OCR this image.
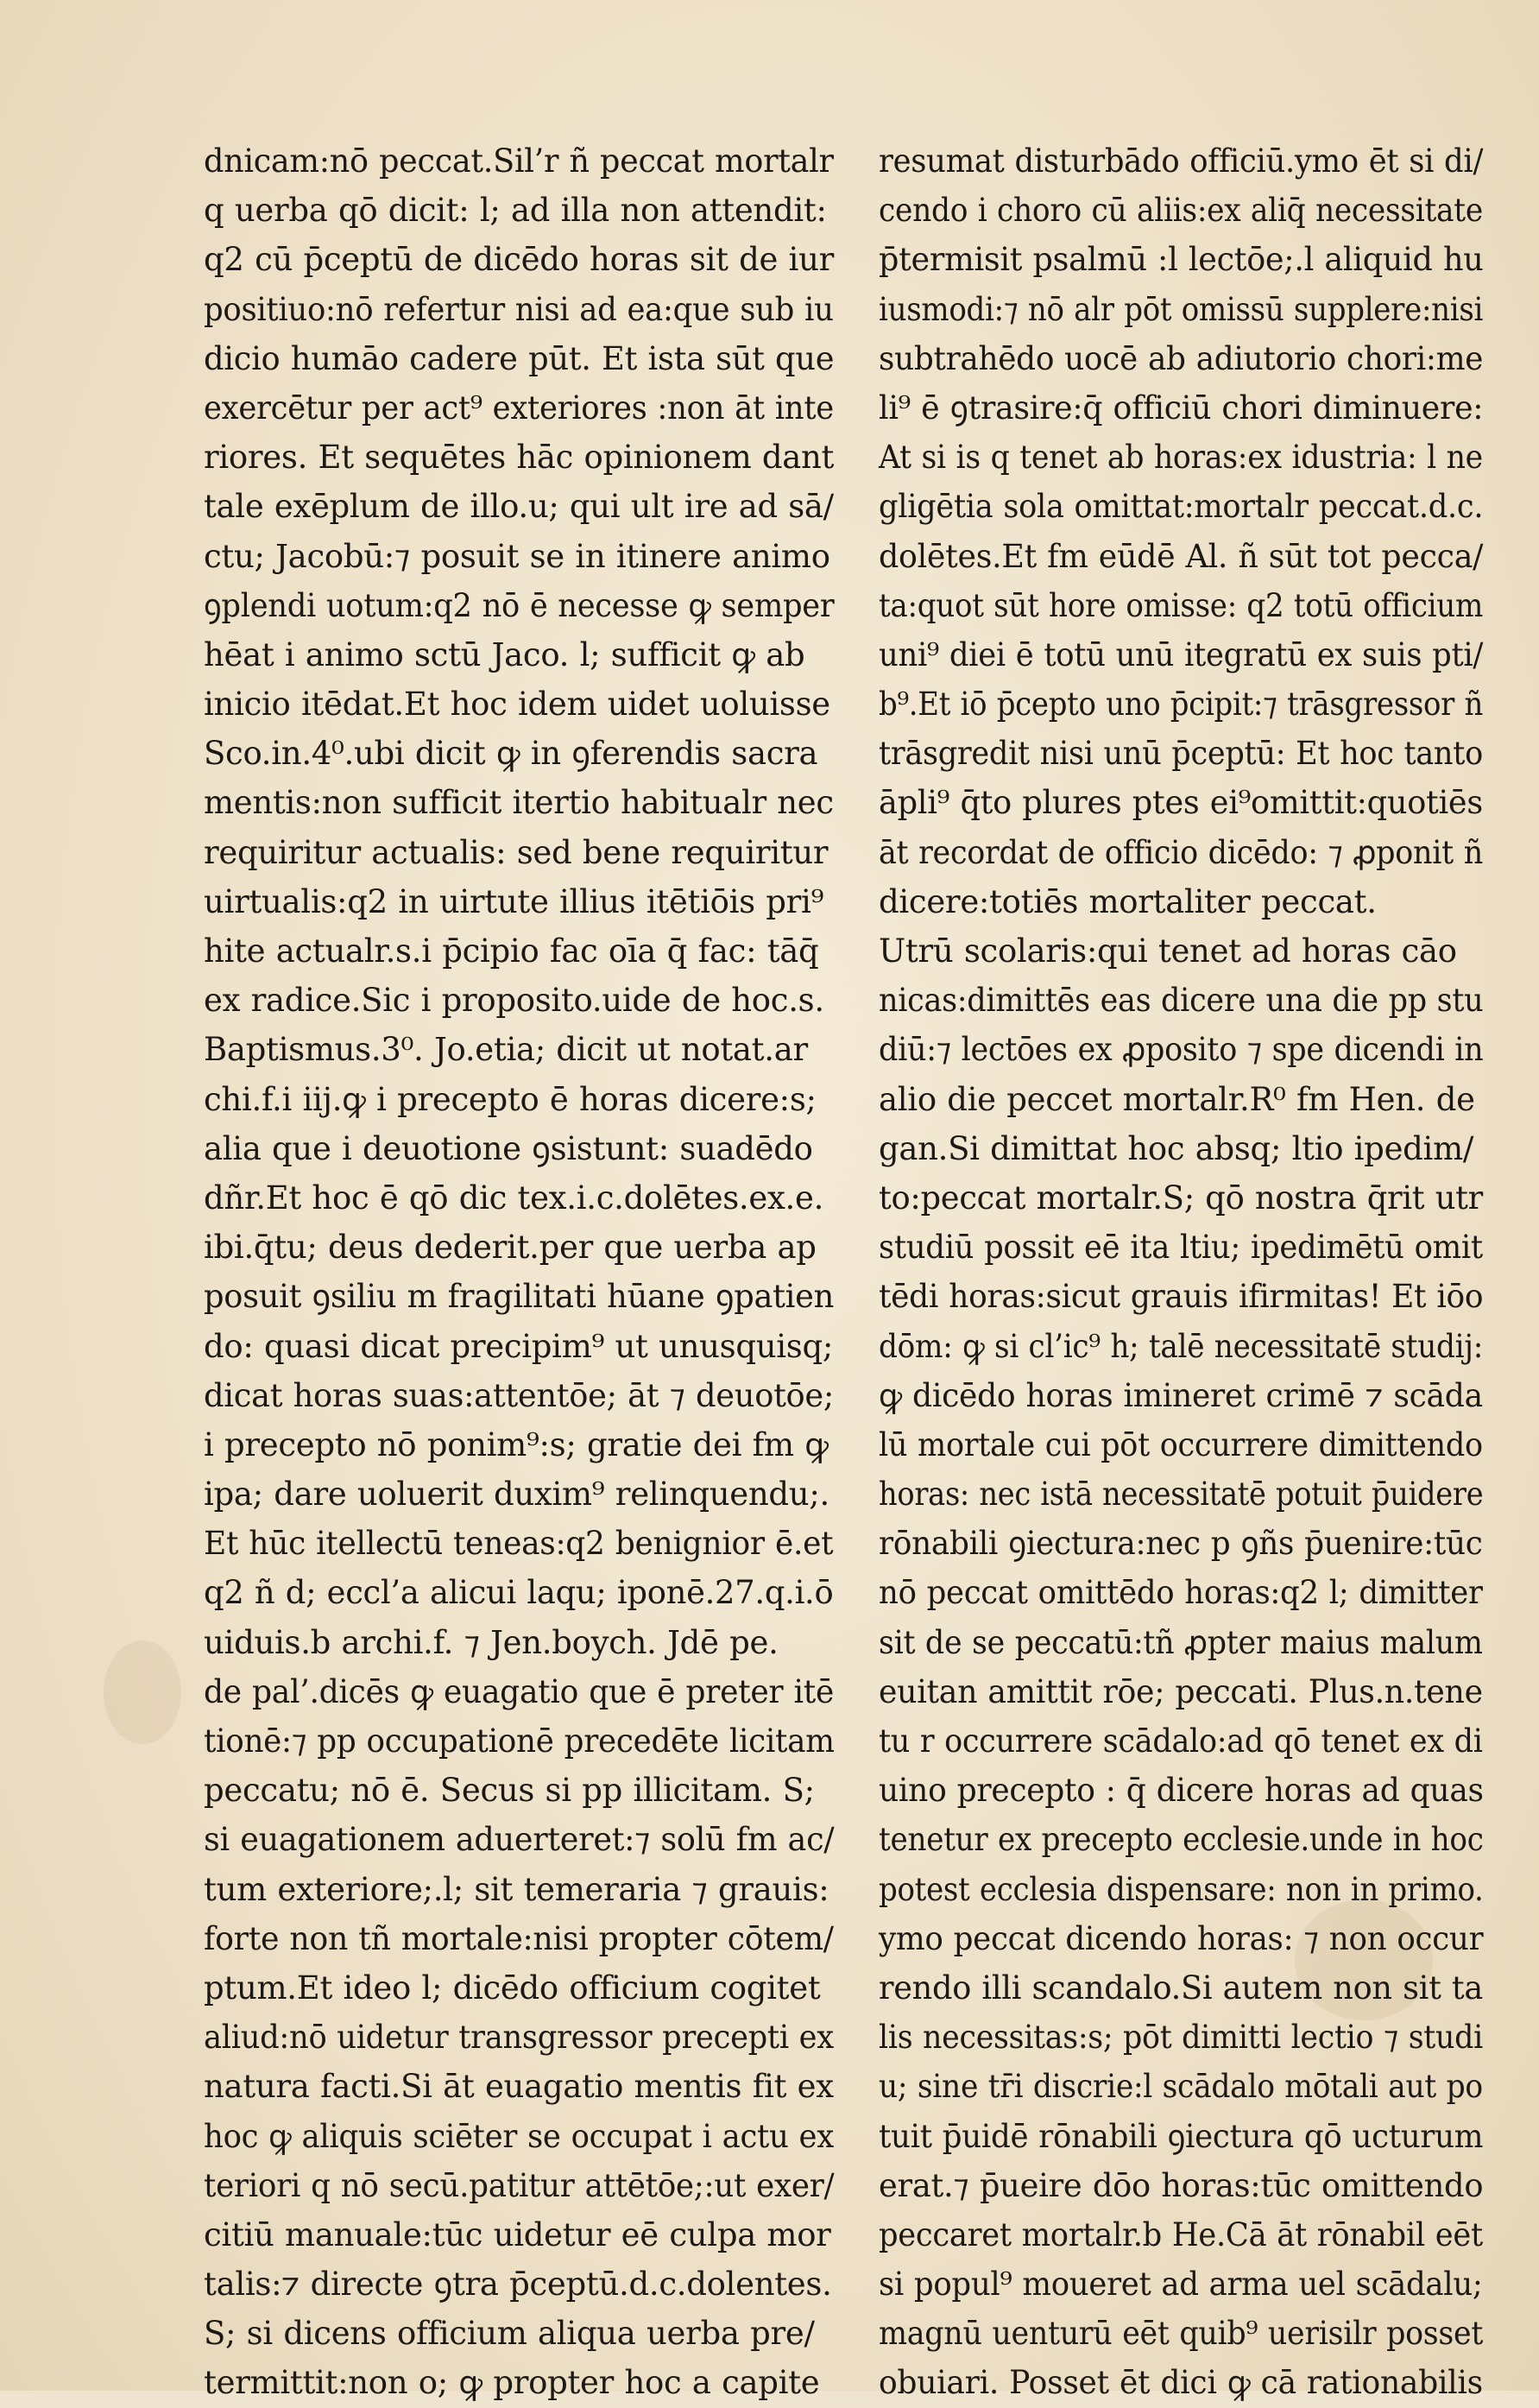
dnicam:nō peccat.Sil’r ñ peccat mortalr
q uerba qō dicit: l; ad illa non attendit:
q2 cū p̄ceptū de dicēdo horas sit de iur
positiuo:nō refertur nisi ad ea:que sub iu
dicio humāo cadere pūt. Et ista sūt que
exercētur per act⁹ exteriores :non āt inte
riores. Et sequētes hāc opinionem dant
tale exēplum de illo.u; qui ult ire ad sā/
ctu; Jacobū:⁊ posuit se in itinere animo
ꝯplendi uotum:q2 nō ē necesse ꝙ semper
hēat i animo sctū Jaco. l; sufficit ꝙ ab
inicio itēdat.Et hoc idem uidet uoluisse
Sco.in.4⁰.ubi dicit ꝙ in ꝯferendis sacra
mentis:non sufficit itertio habitualr nec
requiritur actualis: sed bene requiritur
uirtualis:q2 in uirtute illius itētiōis pri⁹
hite actualr.s.i p̄cipio fac oīa q̄ fac: tāq̄
ex radice.Sic i proposito.uide de hoc.s.
Baptismus.3⁰. Jo.etia; dicit ut notat.ar
chi.f.i iij.ꝙ i precepto ē horas dicere:s;
alia que i deuotione ꝯsistunt: suadēdo
dñr.Et hoc ē qō dic tex.i.c.dolētes.ex.e.
ibi.q̄tu; deus dederit.per que uerba ap
posuit ꝯsiliu m fragilitati hūane ꝯpatien
do: quasi dicat precipim⁹ ut unusquisq;
dicat horas suas:attentōe; āt ⁊ deuotōe;
i precepto nō ponim⁹:s; gratie dei fm ꝙ
ipa; dare uoluerit duxim⁹ relinquendu;.
Et hūc itellectū teneas:q2 benignior ē.et
q2 ñ d; eccl’a alicui laqu; iponē.27.q.i.ō
uiduis.b archi.f. ⁊ Jen.boych. Jdē pe.
de pal’.dicēs ꝙ euagatio que ē preter itē
tionē:⁊ pp occupationē precedēte licitam
peccatu; nō ē. Secus si pp illicitam. S;
si euagationem aduerteret:⁊ solū fm ac/
tum exteriore;.l; sit temeraria ⁊ grauis:
forte non tñ mortale:nisi propter cōtem/
ptum.Et ideo l; dicēdo officium cogitet
aliud:nō uidetur transgressor precepti ex
natura facti.Si āt euagatio mentis fit ex
hoc ꝙ aliquis sciēter se occupat i actu ex
teriori q nō secū.patitur attētōe;:ut exer/
citiū manuale:tūc uidetur eē culpa mor
talis:⁊ directe ꝯtra p̄ceptū.d.c.dolentes.
S; si dicens officium aliqua uerba pre/
termittit:non o; ꝙ propter hoc a capite
resumat disturbādo officiū.ymo ēt si di/
cendo i choro cū aliis:ex aliq̄ necessitate
p̄termisit psalmū :l lectōe;.l aliquid hu
iusmodi:⁊ nō alr pōt omissū supplere:nisi
subtrahēdo uocē ab adiutorio chori:me
li⁹ ē ꝯtrasire:q̄ officiū chori diminuere:
At si is q tenet ab horas:ex idustria: l ne
gligētia sola omittat:mortalr peccat.d.c.
dolētes.Et fm eūdē Al. ñ sūt tot pecca/
ta:quot sūt hore omisse: q2 totū officium
uni⁹ diei ē totū unū itegratū ex suis pti/
b⁹.Et iō p̄cepto uno p̄cipit:⁊ trāsgressor ñ
trāsgredit nisi unū p̄ceptū: Et hoc tanto
āpli⁹ q̄to plures ptes ei⁹omittit:quotiēs
āt recordat de officio dicēdo: ⁊ ꝓponit ñ
dicere:totiēs mortaliter peccat.
Utrū scolaris:qui tenet ad horas cāo
nicas:dimittēs eas dicere una die pp stu
diū:⁊ lectōes ex ꝓposito ⁊ spe dicendi in
alio die peccet mortalr.R⁰ fm Hen. de
gan.Si dimittat hoc absq; ltio ipedim/
to:peccat mortalr.S; qō nostra q̄rit utr
studiū possit eē ita ltiu; ipedimētū omit
tēdi horas:sicut grauis ifirmitas! Et iōo
dōm: ꝙ si cl’ic⁹ h; talē necessitatē studij:
ꝙ dicēdo horas imineret crimē ⁊ scāda
lū mortale cui pōt occurrere dimittendo
horas: nec istā necessitatē potuit p̄uidere
rōnabili ꝯiectura:nec p ꝯñs p̄uenire:tūc
nō peccat omittēdo horas:q2 l; dimitter
sit de se peccatū:tñ ꝓpter maius malum
euitan amittit rōe; peccati. Plus.n.tene
tu r occurrere scādalo:ad qō tenet ex di
uino precepto : q̄ dicere horas ad quas
tenetur ex precepto ecclesie.unde in hoc
potest ecclesia dispensare: non in primo.
ymo peccat dicendo horas: ⁊ non occur
rendo illi scandalo.Si autem non sit ta
lis necessitas:s; pōt dimitti lectio ⁊ studi
u; sine tr̄i discrie:l scādalo mōtali aut po
tuit p̄uidē rōnabili ꝯiectura qō ucturum
erat.⁊ p̄ueire dōo horas:tūc omittendo
peccaret mortalr.b He.Cā āt rōnabil eēt
si popul⁹ moueret ad arma uel scādalu;
magnū uenturū eēt quib⁹ uerisilr posset
obuiari. Posset ēt dici ꝙ cā rationabilis
